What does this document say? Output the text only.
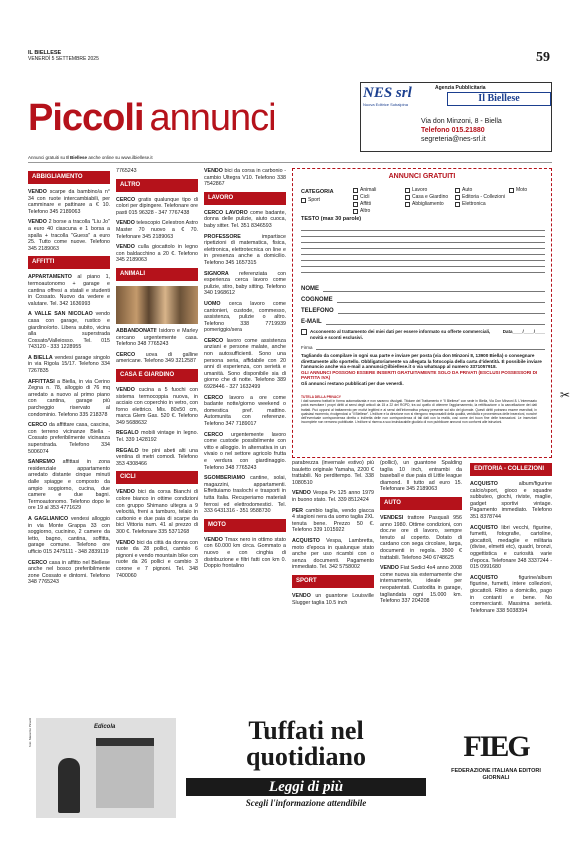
IL BIELLESE
VENERDÌ 5 SETTEMBRE 2025	59
Piccoli annunci
NES srl
Nuova Editrice Subalpina
Agenzia Pubblicitaria
Il Biellese
Via don Minzoni, 8 - Biella
Telefono 015.21880
segreteria@nes-srl.it
Annunci gratuiti su Il Biellese anche online su www.ilbiellese.it
ABBIGLIAMENTO

VENDO scarpe da bambino/a n° 34 con ruote intercambiabili, per camminare e pattinare a € 10. Telefono 345 2189063

VENDO 2 borse a tracolla "Liu Jo" a euro 40 ciascuna e 1 borsa a spalla + tracolla "Guess" a euro 25. Tutto come nuove. Telefono 345 2189063

AFFITTI

APPARTAMENTO al piano 1, termoautonomo + garage e cantina offresi a statali e studenti in Cossato. Nuovo da vedere e valutare. Tel. 342 1636993

A VALLE SAN NICOLAO vendo casa con garage, rustico e giardino/orto. Libera subito, vicina alla superstrada Cossato/Valleiosso. Tel. 015 743120 - 333 1228955

A BIELLA vendesi garage singolo in via Rigola 15/17. Telefono 334 7267835

AFFITTASI a Biella, in via Cerino Zegna n. 78, alloggio di 76 mq arredato a nuovo al primo piano con cantina, garage più parcheggio riservato al condominio. Telefono 335 218378

CERCO da affittare casa, cascina, con terreno vicinanze Biella - Cossato preferibilmente vicinanza superstrada. Telefono 334 5006074

SANREMO affittasi in zona residenziale appartamento arredato distante cinque minuti dalle spiagge e composto da ampio soggiorno, cucina, due camere e due bagni. Termoautonomo. Telefono dopo le ore 19 al 353 4771629

A GAGLIANICO vendesi alloggio in via Monte Grappa 33 con soggiorno, cucinino, 2 camere da letto, bagno, cantina, soffitta, garage comune. Telefono ore ufficio 015 2475111 - 348 2839119

CERCO casa in affitto nel Biellese anche nel bosco preferibilmente zone Cossato e dintorni. Telefono 348 7765243

7765243

ALTRO

CERCO gratis qualunque tipo di colori per dipingere. Telefonare ore pasti 015 96328 - 347 7767438

VENDO telescopio Celestron Astro Master 70 nuovo a € 70. Telefonare 345 2189063

VENDO culla giocattolo in legno con baldacchino a 20 €. Telefono 345 2189063

ANIMALI

ABBANDONATI! Isidoro e Marley cercano urgentemente casa. Telefono 348 7765243

CERCO uova di galline americane. Telefono 349 3212587

CASA E GIARDINO

VENDO cucina a 5 fuochi con sistema termocoppia nuova, in acciaio con coperchio in vetro, con forno elettrico. Mis. 80x50 cm, marca Glem Gas. 520 €. Telefono 349 5688632

REGALO mobili vintage in legno. Tel. 339 1428192

REGALO tre pini abeti alti una ventina di metri comodi. Telefono 353 4308466

CICLI

VENDO bici da corsa Bianchi di colore bianco in ottime condizioni con gruppo Shimano ultegra a 9 velocità, freni a tamburo, telaio in carbonio e due paia di scarpe da bici Vittoria num. 41 al prezzo di 300 €. Telefonare 335 5371268

VENDO bici da città da donna con ruote da 28 pollici, cambio 6 pignoni e vendo mountain bike con ruote da 26 pollici e cambio 3 corone e 7 pignoni. Tel. 348 7400060

VENDO bici da corsa in carbonio - cambio Ultegra V10. Telefono 338 7542867

LAVORO

CERCO LAVORO come badante, donna delle pulizie, aiuto cuoca, baby sitter. Tel. 351 8346593

PROFESSORE	impartisce ripetizioni di matematica, fisica, elettronica, elettrotecnica on line e in presenza anche a domicilio. Telefono 345 1657315

SIGNORA referenziata con esperienza cerca lavoro come pulizie, stiro, baby sitting. Telefono 340 1968612

UOMO cerca lavoro come cantonieri, custode, commesso, assistenza, pulizie o altro. Telefono 338 7719939 pomeriggio/sera

CERCO lavoro come assistenza anziani e persone malate, anche non autosufficienti. Sono una persona seria, affidabile con 20 anni di esperienza, con serietà e umanità. Sono disponibile sia di giorno che di notte. Telefono 389 6928446 - 327 1632499

CERCO lavoro a ore come badante notte/giorno weekend o domestica pref. mattino. Automunita con referenze. Telefono 347 7189017

CERCO urgentemente lavoro come custode possibilmente con vitto e alloggio. In alternativa in un vivaio o nel settore agricolo frutta e verdura con giardinaggio. Telefono 348 7765243

SGOMBERIAMO cantine, solai, magazzini, appartamenti. Effettuiamo traslochi e trasporti in tutta Italia. Recuperiamo materiali ferrosi ed elettrodomestici. Tel. 333 6431316 - 351 9588730

MOTO

VENDO Tmax nero in ottimo stato con 60.000 km circa. Gommato a nuovo e con cinghia di distribuzione e filtri fatti con km 0. Doppio frontalino

ANNUNCI GRATUITI
CATEGORIA	Animali	Lavoro	Auto	Moto
Cicli	Casa e Giardino	Editoria - Collezioni
Affitti	Abbigliamento	Elettronica
Altro
Sport
TESTO (max 30 parole)
NOME
COGNOME
TELEFONO
E-MAIL
Acconsento al trattamento dei miei dati per essere informato su offerte commerciali, novità e sconti esclusivi.
Data____/____/____
Firma
Tagliando da compilare in ogni sua parte e inviare per posta (via don Minzoni 8, 13900 Biella) o consegnare direttamente allo sportello. Obbligatoriamente va allegata la fotocopia della carta d'identità. È possibile inviare l'annuncio anche via e-mail a annunci@ilbiellese.it o via whatsapp al numero 3371057918.
GLI ANNUNCI POSSONO ESSERE INSERITI GRATUITAMENTE SOLO DA PRIVATI (ESCLUSI POSSESSORI DI PARTITA IVA)
Gli annunci restano pubblicati per due venerdì.
TUTELA DELLA PRIVACY
I dati saranno trattati in forma automatizzata e non saranno divulgati. Titolare del Trattamento è "Il Biellese" con sede in Biella, Via Don Minzoni 8. L'interessato potrà esercitare i propri diritti ai sensi degli articoli da 15 a 22 del RGPD, tra cui quello di ottenere l'aggiornamento, la rettificazione o la cancellazione dei dati trattati. Può opporsi al trattamento per motivi legittimi e ai sensi dell'informativa privacy presente sul sito del giornale. Questi diritti potranno essere esercitati, in qualsiasi momento, rivolgendosi a "Il Biellese". L'editore e la direzione non si ritengono responsabili della qualità, veridicità e provenienza delle inserzioni, nonché dell'eventuale corrispondenza diretta o indiretta delle non corrispondenza di tali dati con la realtà, così come dei buon fine delle transazioni. Le inserzioni incomplete non verranno pubblicate. L'editore si riserva a suo insindacabile giudizio di non pubblicare annunci non conformi alle istruzioni.
✂

parabrezza (invernale estivo) più bauletto originale Yamaha, 2200 € trattabili. No perditempo. Tel. 338 1080510

VENDO Vespa Px 125 anno 1979 in buono stato. Tel. 339 8512424

PER cambio taglia, vendo giacca 4 stagioni nera da uomo taglia 2XL tenuta bene. Prezzo 50 €. Telefono 339 1015922

ACQUISTO Vespa, Lambretta, moto d'epoca in qualunque stato anche per uso ricambi con o senza documenti. Pagamento immediato. Tel. 342 5758002

SPORT

VENDO un guantone Louisville Slugger taglia 10.5 inch

(pollici), un guantone Spalding taglia 10 inch, entrambi da baseball e due paia di Little league diamond. Il tutto ad euro 15. Telefonare 345 2189063

AUTO

VENDESI trattore Pasquali 956 anno 1980. Ottime condizioni, con doc.ne ore di lavoro, sempre tenuto al coperto. Dotato di cardano con sega circolare, larga, documenti in regola. 3500 € trattabili. Telefono 340 6748625

VENDO Fiat Sedici 4x4 anno 2008 come nuova sia esternamente che internamente, ideale per neopatentati. Custodita in garage, tagliandata ogni 15.000 km. Telefono 337 204208

EDITORIA - COLLEZIONI

ACQUISTO	album/figurine calcio/sport, gioco e squadre subbuteo, giochi, riviste, maglie, gadget sportivi vintage. Pagamento immediato. Telefono 351 8378744

ACQUISTO libri vecchi, figurine, fumetti, fotografie, cartoline, giocattoli, medaglie e militaria (divise, elmetti etc), quadri, bronzi, oggettistica e curiosità varie d'epoca. Telefonare 348 3337244 - 015 0991680

ACQUISTO	figurine/album figurine, fumetti, intere collezioni, giocattoli. Ritiro a domicilio, pago in contanti e bene. No commercianti. Massima serietà. Telefonare 338 5038394

foto: Massimo Picardi	Edicola	Tuffati nel quotidiano
Leggi di più
Scegli l'informazione attendibile
FIEG
FEDERAZIONE ITALIANA EDITORI GIORNALI
